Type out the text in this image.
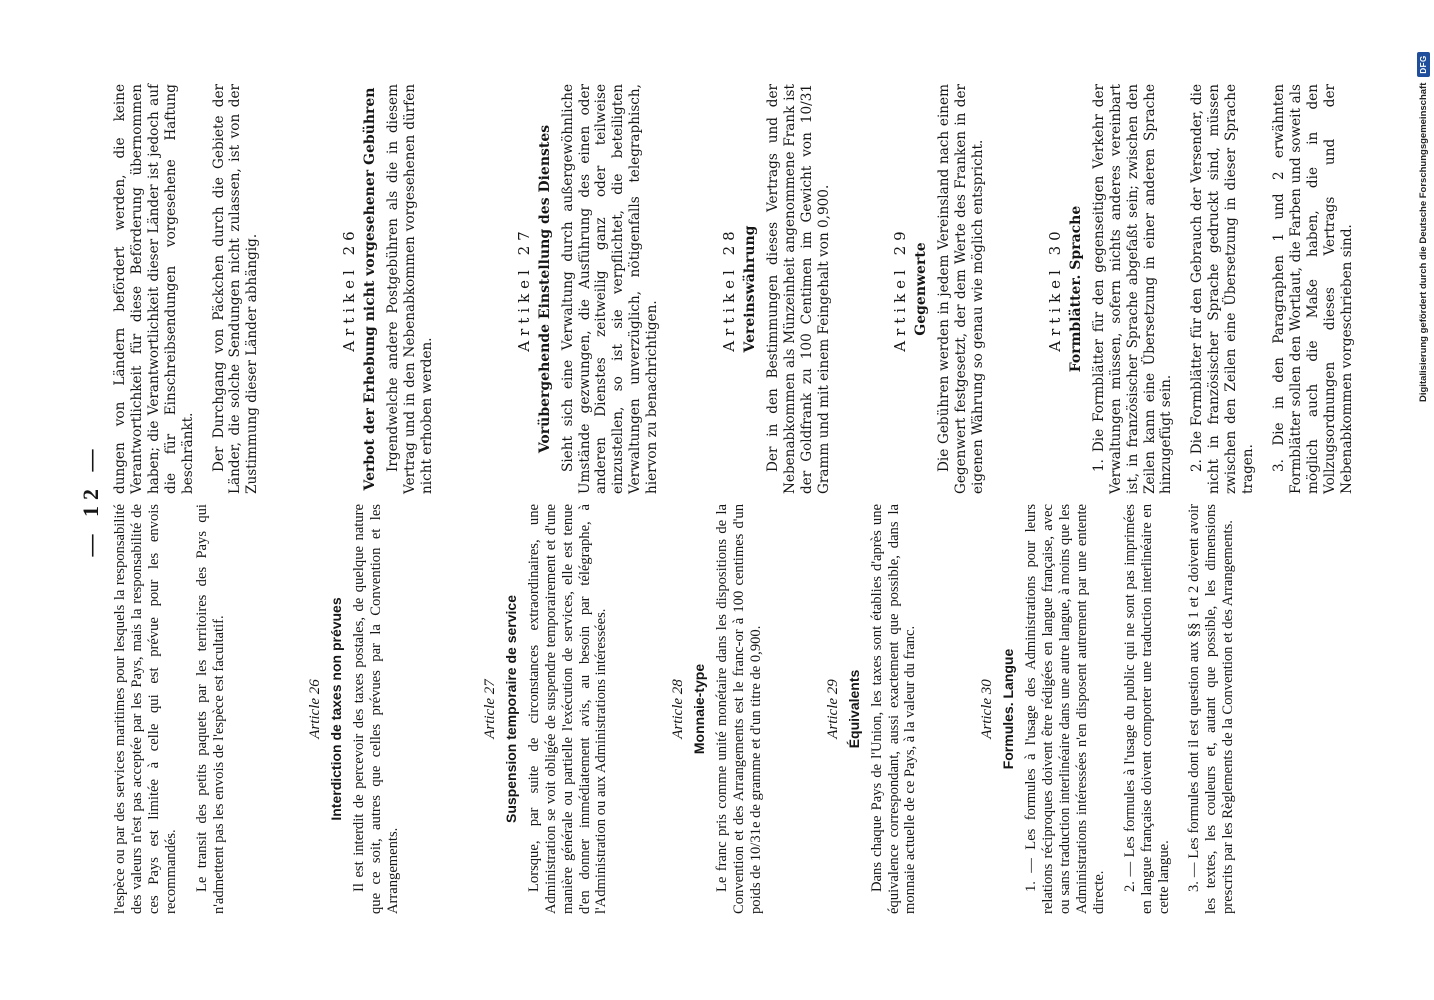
— 12 —

l'espèce ou par des services maritimes pour lesquels la responsabilité des valeurs n'est pas acceptée par les Pays, mais la responsabilité de ces Pays est limitée à celle qui est prévue pour les envois recommandés. Le transit des petits paquets par les territoires des Pays qui n'admettent pas les envois de l'espèce est facultatif.	Article 26 Interdiction de taxes non prévues Il est interdit de percevoir des taxes postales, de quelque nature que ce soit, autres que celles prévues par la Convention et les Arrangements.

Article 27 Suspension temporaire de service Lorsque, par suite de circonstances extraordinaires, une Administration se voit obligée de suspendre temporairement et d'une manière générale ou partielle l'exécution de services, elle est tenue d'en donner immédiatement avis, au besoin par télégraphe, à l'Administration ou aux Administrations intéressées.	Article 28 Monnaie-type Le franc pris comme unité monétaire dans les dispositions de la Convention et des Arrangements est le franc-or à 100 centimes d'un poids de 10/31e de gramme et d'un titre de 0,900.	Article 29 Équivalents Dans chaque Pays de l'Union, les taxes sont établies d'après une équivalence correspondant, aussi exactement que possible, dans la monnaie actuelle de ce Pays, à la valeur du franc.	Article 30 Formules. Langue 1. — Les formules à l'usage des Administrations pour leurs relations réciproques doivent être rédigées en langue française, avec ou sans traduction interlinéaire dans une autre langue, à moins que les Administrations intéressées n'en disposent autrement par une entente directe.

2. — Les formules à l'usage du public qui ne sont pas imprimées en langue française doivent comporter une traduction interlinéaire en cette langue. 3. — Les formules dont il est question aux §§ 1 et 2 doivent avoir les textes, les couleurs et, autant que possible, les dimensions prescrits par les Règlements de la Convention et des Arrangements.

dungen von Ländern befördert werden, die keine Verantwortlichkeit für diese Beförderung übernommen haben; die Verantwortlichkeit dieser Länder ist jedoch auf die für Einschreibsendungen vorgesehene Haftung beschränkt. Der Durchgang von Päckchen durch die Gebiete der Länder, die solche Sendungen nicht zulassen, ist von der Zustimmung dieser Länder abhängig.	Artikel 26 Verbot der Erhebung nicht vorgesehener Gebühren Irgendwelche andere Postgebühren als die in diesem Vertrag und in den Nebenabkommen vorgesehenen dürfen nicht erhoben werden.

Artikel 27 Vorübergehende Einstellung des Dienstes Sieht sich eine Verwaltung durch außergewöhnliche Umstände gezwungen, die Ausführung des einen oder anderen Dienstes zeitweilig ganz oder teilweise einzustellen, so ist sie verpflichtet, die beteiligten Verwaltungen unverzüglich, nötigenfalls telegraphisch, hiervon zu benachrichtigen.

Artikel 28 Vereinswährung Der in den Bestimmungen dieses Vertrags und der Nebenabkommen als Münzeinheit angenommene Frank ist der Goldfrank zu 100 Centimen im Gewicht von 10/31 Gramm und mit einem Feingehalt von 0,900.	Artikel 29 Gegenwerte Die Gebühren werden in jedem Vereinsland nach einem Gegenwert festgesetzt, der dem Werte des Franken in der eigenen Währung so genau wie möglich entspricht.	Artikel 30 Formblätter. Sprache 1. Die Formblätter für den gegenseitigen Verkehr der Verwaltungen müssen, sofern nichts anderes vereinbart ist, in französischer Sprache abgefaßt sein; zwischen den Zeilen kann eine Übersetzung in einer anderen Sprache hinzugefügt sein. 2. Die Formblätter für den Gebrauch der Versender, die nicht in französischer Sprache gedruckt sind, müssen zwischen den Zeilen eine Übersetzung in dieser Sprache tragen. 3. Die in den Paragraphen 1 und 2 erwähnten Formblätter sollen den Wortlaut, die Farben und soweit als möglich auch die Maße haben, die in den Vollzugsordnungen dieses Vertrags und der Nebenabkommen vorgeschrieben sind.	Digitalisierung gefördert durch die Deutsche Forschungsgemeinschaft
DFG
